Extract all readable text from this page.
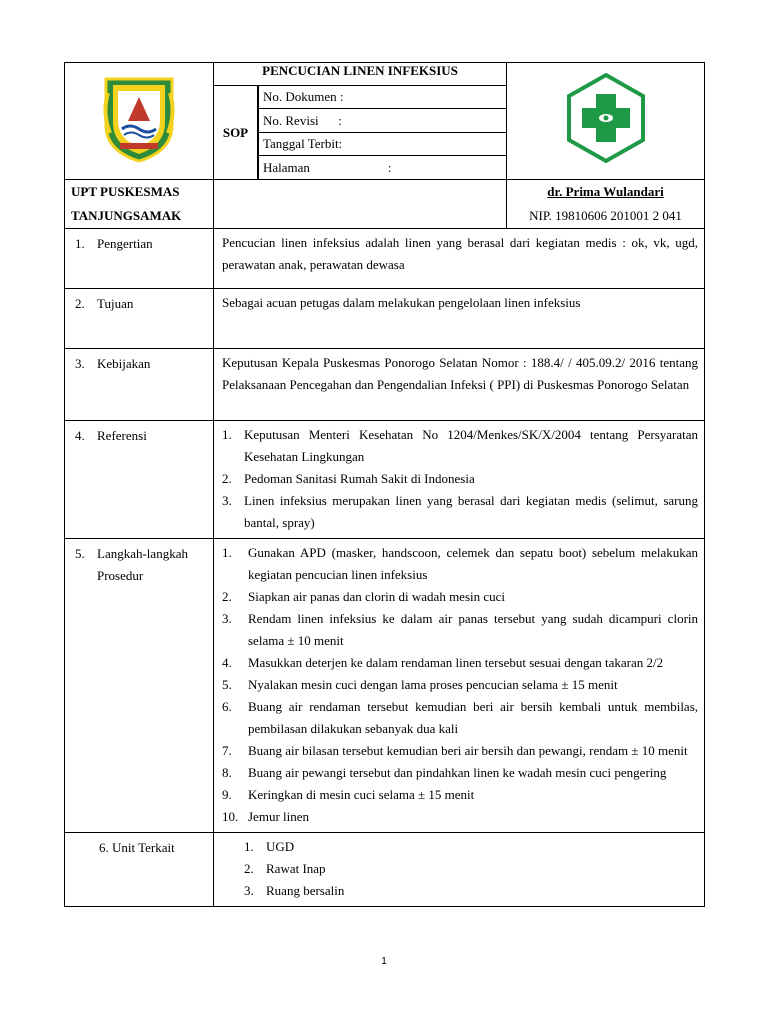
	PENCUCIAN LINEN INFEKSIUS	
SOP	
No. Dokumen :
No. Revisi      :
Tanggal Terbit:
Halaman                        :

UPT PUSKESMAS
TANJUNGSAMAK

dr. Prima Wulandari
NIP. 19810606 201001 2 041

1. Pengertian	Pencucian linen infeksius adalah linen yang berasal dari kegiatan medis : ok, vk, ugd, perawatan anak, perawatan dewasa
2. Tujuan	Sebagai acuan petugas dalam melakukan pengelolaan linen infeksius
3. Kebijakan	Keputusan Kepala Puskesmas Ponorogo Selatan Nomor : 188.4/ / 405.09.2/ 2016 tentang Pelaksanaan Pencegahan dan Pengendalian Infeksi ( PPI) di Puskesmas Ponorogo Selatan
4. Referensi	1. Keputusan Menteri Kesehatan No 1204/Menkes/SK/X/2004 tentang Persyaratan Kesehatan Lingkungan
2. Pedoman Sanitasi Rumah Sakit di Indonesia
3. Linen infeksius merupakan linen yang berasal dari kegiatan medis (selimut, sarung bantal, spray)

5. Langkah-langkah
Prosedur

1. Gunakan APD (masker, handscoon, celemek dan sepatu boot) sebelum melakukan kegiatan pencucian linen infeksius
2. Siapkan air panas dan clorin di wadah mesin cuci
3. Rendam linen infeksius ke dalam air panas tersebut yang sudah dicampuri clorin selama ± 10 menit
4. Masukkan deterjen ke dalam rendaman linen tersebut sesuai dengan takaran 2/2
5. Nyalakan mesin cuci dengan lama proses pencucian selama ± 15 menit
6. Buang air rendaman tersebut kemudian beri air bersih kembali untuk membilas, pembilasan dilakukan sebanyak dua kali
7. Buang air bilasan tersebut kemudian beri air bersih dan pewangi, rendam ± 10 menit
8. Buang air pewangi tersebut dan pindahkan linen ke wadah mesin cuci pengering
9. Keringkan di mesin cuci selama ± 15 menit
10. Jemur linen

6. Unit Terkait	1. UGD
2. Rawat Inap
3. Ruang bersalin
1
